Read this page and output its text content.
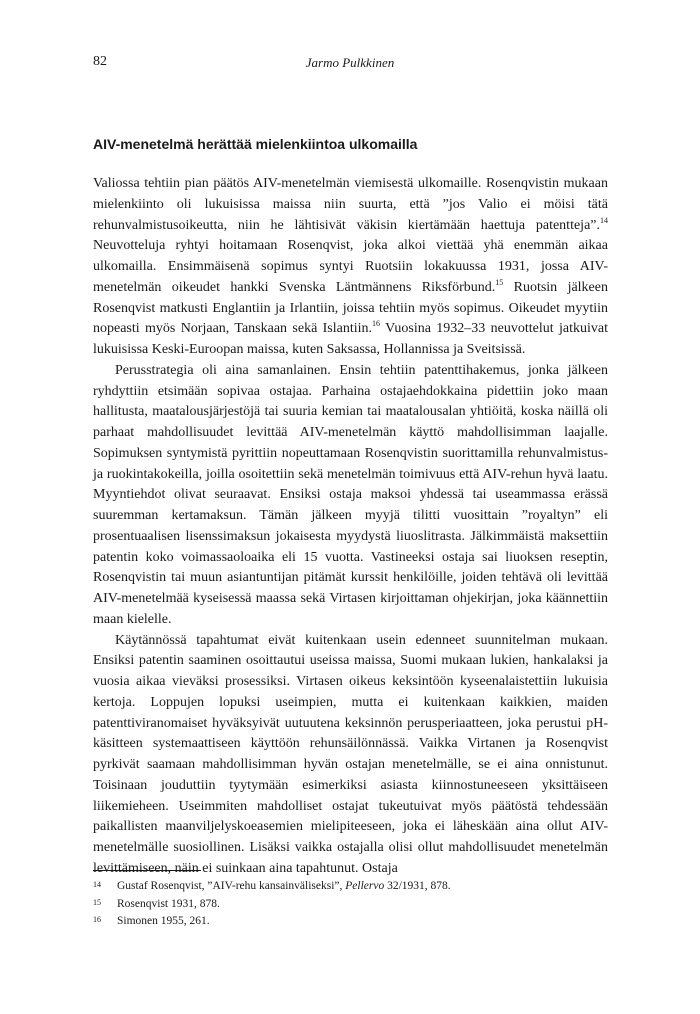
82	Jarmo Pulkkinen
AIV-menetelmä herättää mielenkiintoa ulkomailla

Valiossa tehtiin pian päätös AIV-menetelmän viemisestä ulkomaille. Rosenqvistin mukaan mielenkiinto oli lukuisissa maissa niin suurta, että ”jos Valio ei möisi tätä rehunvalmistusoikeutta, niin he lähtisivät väkisin kiertämään haettuja patentteja”.$^{14}$ Neuvotteluja ryhtyi hoitamaan Rosenqvist, joka alkoi viettää yhä enemmän aikaa ulkomailla. Ensimmäisenä sopimus syntyi Ruotsiin lokakuussa 1931, jossa AIV-menetelmän oikeudet hankki Svenska Läntmännens Riksförbund.$^{15}$ Ruotsin jälkeen Rosenqvist matkusti Englantiin ja Irlantiin, joissa tehtiin myös sopimus. Oikeudet myytiin nopeasti myös Norjaan, Tanskaan sekä Islantiin.$^{16}$ Vuosina 1932–33 neuvottelut jatkuivat lukuisissa Keski-Euroopan maissa, kuten Saksassa, Hollannissa ja Sveitsissä.

Perusstrategia oli aina samanlainen. Ensin tehtiin patenttihakemus, jonka jälkeen ryhdyttiin etsimään sopivaa ostajaa. Parhaina ostajaehdokkaina pidettiin joko maan hallitusta, maatalousjärjestöjä tai suuria kemian tai maatalousalan yhtiöitä, koska näillä oli parhaat mahdollisuudet levittää AIV-menetelmän käyttö mahdollisimman laajalle. Sopimuksen syntymistä pyrittiin nopeuttamaan Rosenqvistin suorittamilla rehunvalmistus- ja ruokintakokeilla, joilla osoitettiin sekä menetelmän toimivuus että AIV-rehun hyvä laatu. Myyntiehdot olivat seuraavat. Ensiksi ostaja maksoi yhdessä tai useammassa erässä suuremman kertamaksun. Tämän jälkeen myyjä tilitti vuosittain ”royaltyn” eli prosentuaalisen lisenssimaksun jokaisesta myydystä liuoslitrasta. Jälkimmäistä maksettiin patentin koko voimassaoloaika eli 15 vuotta. Vastineeksi ostaja sai liuoksen reseptin, Rosenqvistin tai muun asiantuntijan pitämät kurssit henkilöille, joiden tehtävä oli levittää AIV-menetelmää kyseisessä maassa sekä Virtasen kirjoittaman ohjekirjan, joka käännettiin maan kielelle.

Käytännössä tapahtumat eivät kuitenkaan usein edenneet suunnitelman mukaan. Ensiksi patentin saaminen osoittautui useissa maissa, Suomi mukaan lukien, hankalaksi ja vuosia aikaa vieväksi prosessiksi. Virtasen oikeus keksintöön kyseenalaistettiin lukuisia kertoja. Loppujen lopuksi useimpien, mutta ei kuitenkaan kaikkien, maiden patenttiviranomaiset hyväksyivät uutuutena keksinnön perusperiaatteen, joka perustui pH-käsitteen systemaattiseen käyttöön rehunsäilönnässä. Vaikka Virtanen ja Rosenqvist pyrkivät saamaan mahdollisimman hyvän ostajan menetelmälle, se ei aina onnistunut. Toisinaan jouduttiin tyytymään esimerkiksi asiasta kiinnostuneeseen yksittäiseen liikemieheen. Useimmiten mahdolliset ostajat tukeutuivat myös päätöstä tehdessään paikallisten maanviljelyskoeasemien mielipiteeseen, joka ei läheskään aina ollut AIV-menetelmälle suosiollinen. Lisäksi vaikka ostajalla olisi ollut mahdollisuudet menetelmän levittämiseen, näin ei suinkaan aina tapahtunut. Ostaja

14	Gustaf Rosenqvist, ”AIV-rehu kansainväliseksi”, Pellervo 32/1931, 878.
15	Rosenqvist 1931, 878.
16	Simonen 1955, 261.
